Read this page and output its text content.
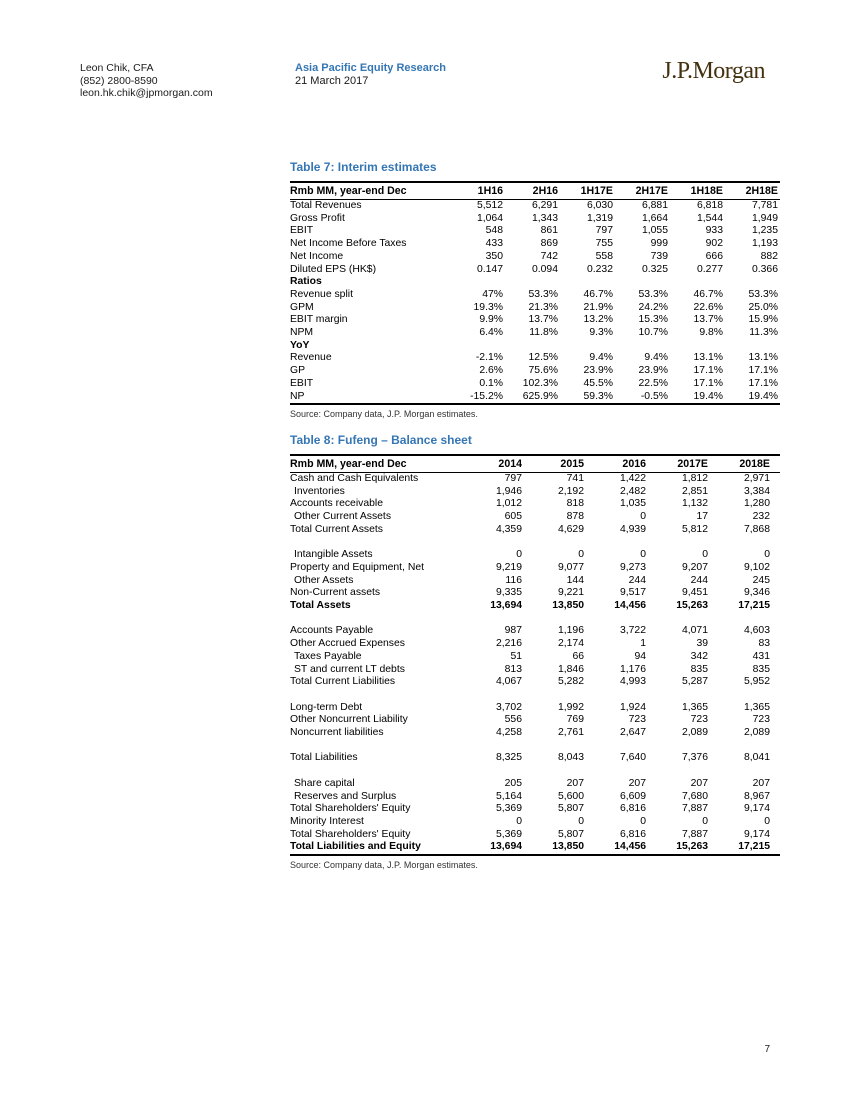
Leon Chik, CFA
(852) 2800-8590
leon.hk.chik@jpmorgan.com
Asia Pacific Equity Research
21 March 2017	J.P.Morgan
Table 7: Interim estimates
Rmb MM, year-end Dec	1H16	2H16	1H17E	2H17E	1H18E	2H18E
Total Revenues	5,512	6,291	6,030	6,881	6,818	7,781
Gross Profit	1,064	1,343	1,319	1,664	1,544	1,949
EBIT	548	861	797	1,055	933	1,235
Net Income Before Taxes	433	869	755	999	902	1,193
Net Income	350	742	558	739	666	882
Diluted EPS (HK$)	0.147	0.094	0.232	0.325	0.277	0.366
Ratios						
Revenue split	47%	53.3%	46.7%	53.3%	46.7%	53.3%
GPM	19.3%	21.3%	21.9%	24.2%	22.6%	25.0%
EBIT margin	9.9%	13.7%	13.2%	15.3%	13.7%	15.9%
NPM	6.4%	11.8%	9.3%	10.7%	9.8%	11.3%
YoY						
Revenue	-2.1%	12.5%	9.4%	9.4%	13.1%	13.1%
GP	2.6%	75.6%	23.9%	23.9%	17.1%	17.1%
EBIT	0.1%	102.3%	45.5%	22.5%	17.1%	17.1%
NP	-15.2%	625.9%	59.3%	-0.5%	19.4%	19.4%
Source: Company data, J.P. Morgan estimates.
Table 8: Fufeng – Balance sheet
Rmb MM, year-end Dec	2014	2015	2016	2017E	2018E
Cash and Cash Equivalents	797	741	1,422	1,812	2,971
Inventories	1,946	2,192	2,482	2,851	3,384
Accounts receivable	1,012	818	1,035	1,132	1,280
Other Current Assets	605	878	0	17	232
Total Current Assets	4,359	4,629	4,939	5,812	7,868

Intangible Assets	0	0	0	0	0
Property and Equipment, Net	9,219	9,077	9,273	9,207	9,102
Other Assets	116	144	244	244	245
Non-Current assets	9,335	9,221	9,517	9,451	9,346
Total Assets	13,694	13,850	14,456	15,263	17,215

Accounts Payable	987	1,196	3,722	4,071	4,603
Other Accrued Expenses	2,216	2,174	1	39	83
Taxes Payable	51	66	94	342	431
ST and current LT debts	813	1,846	1,176	835	835
Total Current Liabilities	4,067	5,282	4,993	5,287	5,952

Long-term Debt	3,702	1,992	1,924	1,365	1,365
Other Noncurrent Liability	556	769	723	723	723
Noncurrent liabilities	4,258	2,761	2,647	2,089	2,089

Total Liabilities	8,325	8,043	7,640	7,376	8,041

Share capital	205	207	207	207	207
Reserves and Surplus	5,164	5,600	6,609	7,680	8,967
Total Shareholders' Equity	5,369	5,807	6,816	7,887	9,174
Minority Interest	0	0	0	0	0
Total Shareholders' Equity	5,369	5,807	6,816	7,887	9,174
Total Liabilities and Equity	13,694	13,850	14,456	15,263	17,215
Source: Company data, J.P. Morgan estimates.
7
